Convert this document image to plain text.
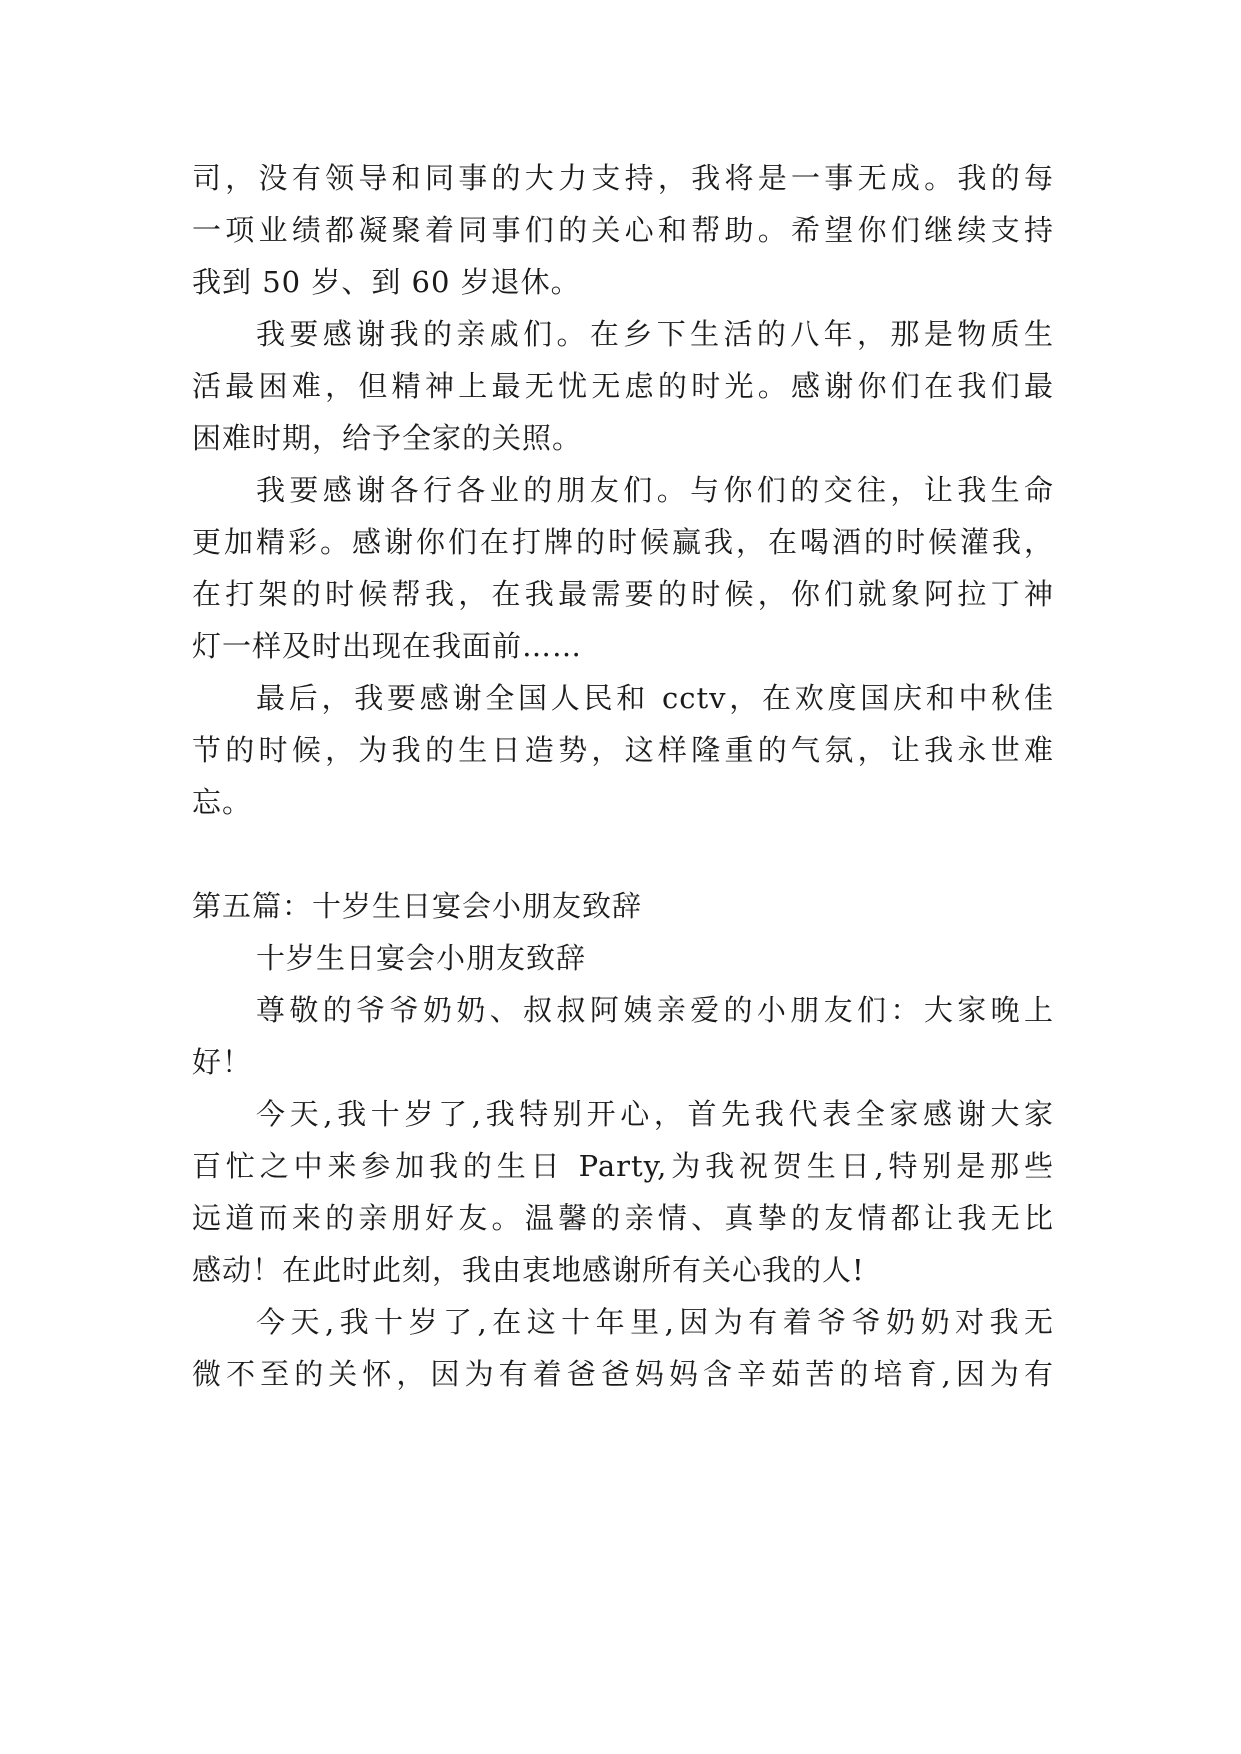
司，没有领导和同事的大力支持，我将是一事无成。我的每
一项业绩都凝聚着同事们的关心和帮助。希望你们继续支持
我到 50 岁、到 60 岁退休。
我要感谢我的亲戚们。在乡下生活的八年，那是物质生
活最困难，但精神上最无忧无虑的时光。感谢你们在我们最
困难时期，给予全家的关照。
我要感谢各行各业的朋友们。与你们的交往，让我生命
更加精彩。感谢你们在打牌的时候赢我，在喝酒的时候灌我，
在打架的时候帮我，在我最需要的时候，你们就象阿拉丁神
灯一样及时出现在我面前……
最后，我要感谢全国人民和 cctv，在欢度国庆和中秋佳
节的时候，为我的生日造势，这样隆重的气氛，让我永世难
忘。
第五篇：十岁生日宴会小朋友致辞
十岁生日宴会小朋友致辞
尊敬的爷爷奶奶、叔叔阿姨亲爱的小朋友们：大家晚上
好！
今天,我十岁了,我特别开心，首先我代表全家感谢大家
百忙之中来参加我的生日 Party,为我祝贺生日,特别是那些
远道而来的亲朋好友。温馨的亲情、真挚的友情都让我无比
感动！在此时此刻，我由衷地感谢所有关心我的人!
今天,我十岁了,在这十年里,因为有着爷爷奶奶对我无
微不至的关怀，因为有着爸爸妈妈含辛茹苦的培育,因为有
